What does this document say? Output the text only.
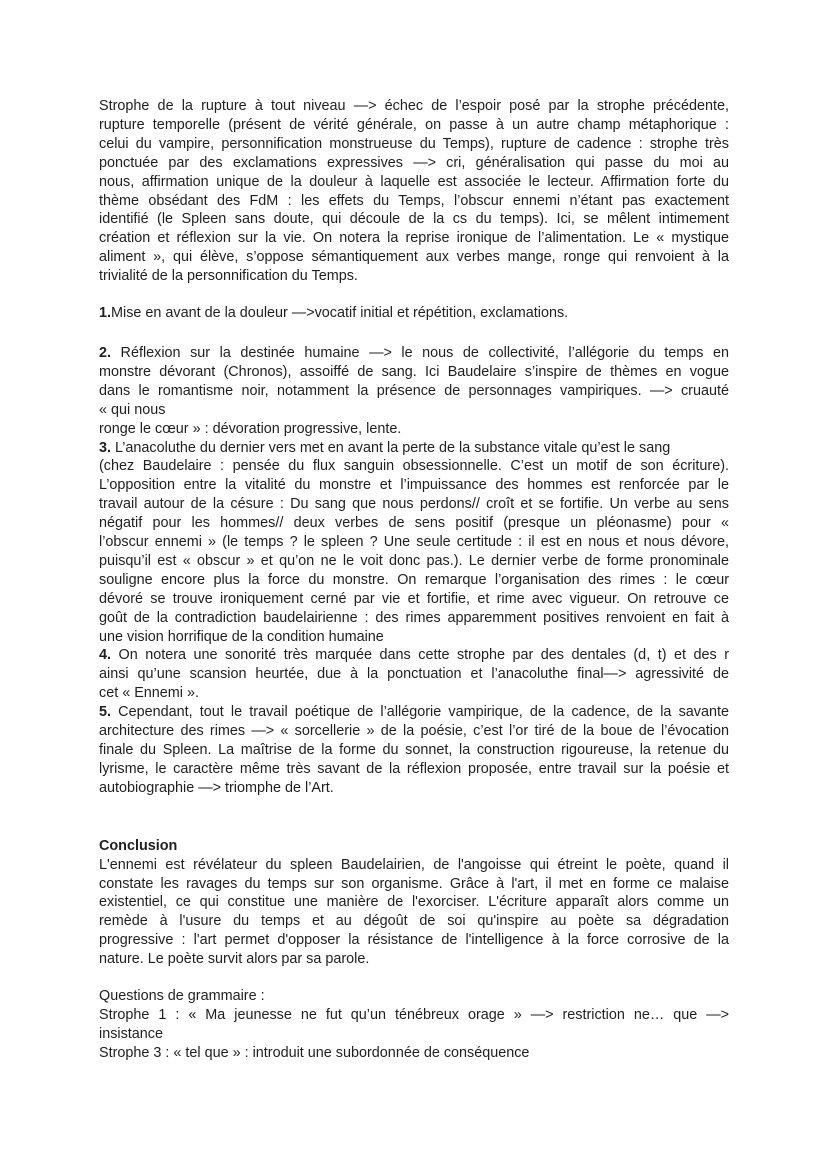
Strophe de la rupture à tout niveau —> échec de l’espoir posé par la strophe précédente,
rupture temporelle (présent de vérité générale, on passe à un autre champ métaphorique :
celui du vampire, personnification monstrueuse du Temps), rupture de cadence : strophe très
ponctuée par des exclamations expressives —> cri, généralisation qui passe du moi au
nous, affirmation unique de la douleur à laquelle est associée le lecteur. Affirmation forte du
thème obsédant des FdM : les effets du Temps, l’obscur ennemi n’étant pas exactement
identifié (le Spleen sans doute, qui découle de la cs du temps). Ici, se mêlent intimement
création et réflexion sur la vie. On notera la reprise ironique de l’alimentation. Le « mystique
aliment », qui élève, s’oppose sémantiquement aux verbes mange, ronge qui renvoient à la
trivialité de la personnification du Temps.

1.Mise en avant de la douleur —>vocatif initial et répétition, exclamations.

2. Réflexion sur la destinée humaine —> le nous de collectivité, l’allégorie du temps en
monstre dévorant (Chronos), assoiffé de sang. Ici Baudelaire s’inspire de thèmes en vogue
dans le romantisme noir, notamment la présence de personnages vampiriques. —> cruauté
« qui nous
ronge le cœur » : dévoration progressive, lente.

3. L’anacoluthe du dernier vers met en avant la perte de la substance vitale qu’est le sang
(chez Baudelaire : pensée du flux sanguin obsessionnelle. C’est un motif de son écriture).
L’opposition entre la vitalité du monstre et l’impuissance des hommes est renforcée par le
travail autour de la césure : Du sang que nous perdons// croît et se fortifie. Un verbe au sens
négatif pour les hommes// deux verbes de sens positif (presque un pléonasme) pour «
l’obscur ennemi » (le temps ? le spleen ? Une seule certitude : il est en nous et nous dévore,
puisqu’il est « obscur » et qu’on ne le voit donc pas.). Le dernier verbe de forme pronominale
souligne encore plus la force du monstre. On remarque l’organisation des rimes : le cœur
dévoré se trouve ironiquement cerné par vie et fortifie, et rime avec vigueur. On retrouve ce
goût de la contradiction baudelairienne : des rimes apparemment positives renvoient en fait à
une vision horrifique de la condition humaine

4. On notera une sonorité très marquée dans cette strophe par des dentales (d, t) et des r
ainsi qu’une scansion heurtée, due à la ponctuation et l’anacoluthe final—> agressivité de
cet « Ennemi ».

5. Cependant, tout le travail poétique de l’allégorie vampirique, de la cadence, de la savante
architecture des rimes —> « sorcellerie » de la poésie, c’est l’or tiré de la boue de l’évocation
finale du Spleen. La maîtrise de la forme du sonnet, la construction rigoureuse, la retenue du
lyrisme, le caractère même très savant de la réflexion proposée, entre travail sur la poésie et
autobiographie —> triomphe de l’Art.

Conclusion
L'ennemi est révélateur du spleen Baudelairien, de l'angoisse qui étreint le poète, quand il
constate les ravages du temps sur son organisme. Grâce à l'art, il met en forme ce malaise
existentiel, ce qui constitue une manière de l'exorciser. L'écriture apparaît alors comme un
remède à l'usure du temps et au dégoût de soi qu'inspire au poète sa dégradation
progressive : l'art permet d'opposer la résistance de l'intelligence à la force corrosive de la
nature. Le poète survit alors par sa parole.

Questions de grammaire :
Strophe 1 : « Ma jeunesse ne fut qu’un ténébreux orage » —> restriction ne… que —>
insistance
Strophe 3 : « tel que » : introduit une subordonnée de conséquence
